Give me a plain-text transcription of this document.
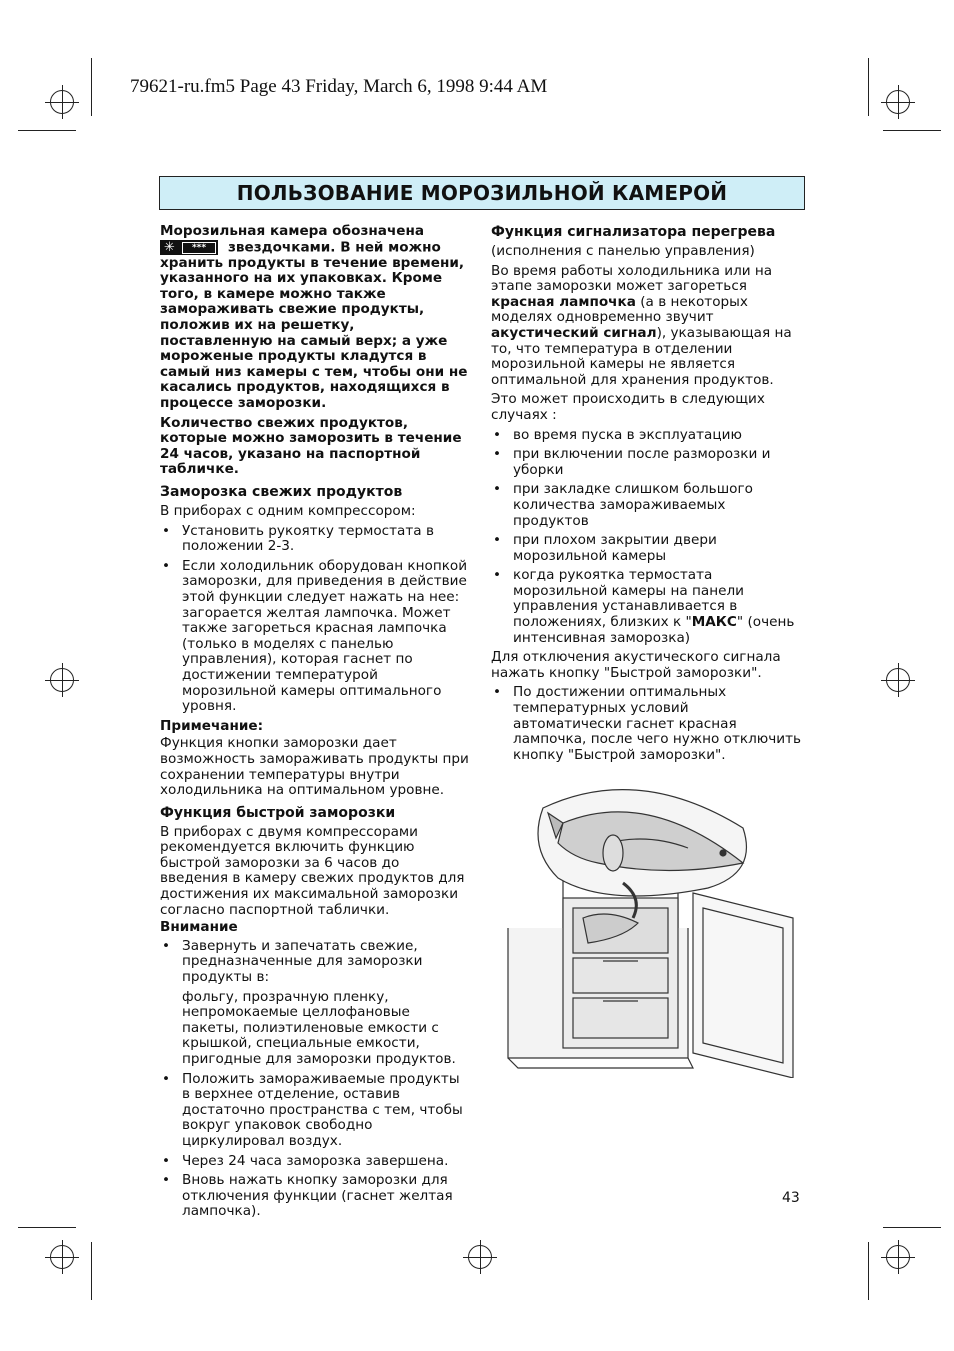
79621-ru.fm5 Page 43 Friday, March 6, 1998 9:44 AM
ПОЛЬЗОВАНИЕ МОРОЗИЛЬНОЙ КАМЕРОЙ

Морозильная камера обозначена

✳	***	звездочками. В ней можно хранить продукты в течение времени, указанного на их упаковках. Кроме того, в камере можно также замораживать свежие продукты, положив их на решетку, поставленную на самый верх; а уже мороженые продукты кладутся в самый низ камеры с тем, чтобы они не касались продуктов, находящихся в процессе заморозки.

Количество свежих продуктов, которые можно заморозить в течение 24 часов, указано на паспортной табличке.

Заморозка свежих продуктов

В приборах с одним компрессором:

• Установить рукоятку термостата в положении 2-3.
• Если холодильник оборудован кнопкой заморозки, для приведения в действие этой функции следует нажать на нее: загорается желтая лампочка. Может также загореться красная лампочка (только в моделях с панелью управления), которая гаснет по достижении температурой морозильной камеры оптимального уровня.
Примечание:

Функция кнопки заморозки дает возможность замораживать продукты при сохранении температуры внутри холодильника на оптимальном уровне.

Функция быстрой заморозки

В приборах с двумя компрессорами рекомендуется включить функцию быстрой заморозки за 6 часов до введения в камеру свежих продуктов для достижения их максимальной заморозки согласно паспортной таблички.

Внимание
• Завернуть и запечатать свежие, предназначенные для заморозки продукты в:

фольгу, прозрачную пленку, непромокаемые целлофановые пакеты, полиэтиленовые емкости с крышкой, специальные емкости, пригодные для заморозки продуктов.

• Положить замораживаемые продукты в верхнее отделение, оставив достаточно пространства с тем, чтобы вокруг упаковок свободно циркулировал воздух.
• Через 24 часа заморозка завершена.
• Вновь нажать кнопку заморозки для отключения функции (гаснет желтая лампочка).
Функция сигнализатора перегрева

(исполнения с панелью управления)

Во время работы холодильника или на этапе заморозки может загореться красная лампочка (а в некоторых моделях одновременно звучит акустический сигнал), указывающая на то, что температура в отделении морозильной камеры не является оптимальной для хранения продуктов.

Это может происходить в следующих случаях :

• во время пуска в эксплуатацию
• при включении после разморозки и уборки
• при закладке слишком большого количества замораживаемых продуктов
• при плохом закрытии двери морозильной камеры
• когда рукоятка термостата морозильной камеры на панели управления устанавливается в положениях, близких к "МАКС" (очень интенсивная заморозка)

Для отключения акустического сигнала нажать кнопку "Быстрой заморозки".

• По достижении оптимальных температурных условий автоматически гаснет красная лампочка, после чего нужно отключить кнопку "Быстрой заморозки".
43
